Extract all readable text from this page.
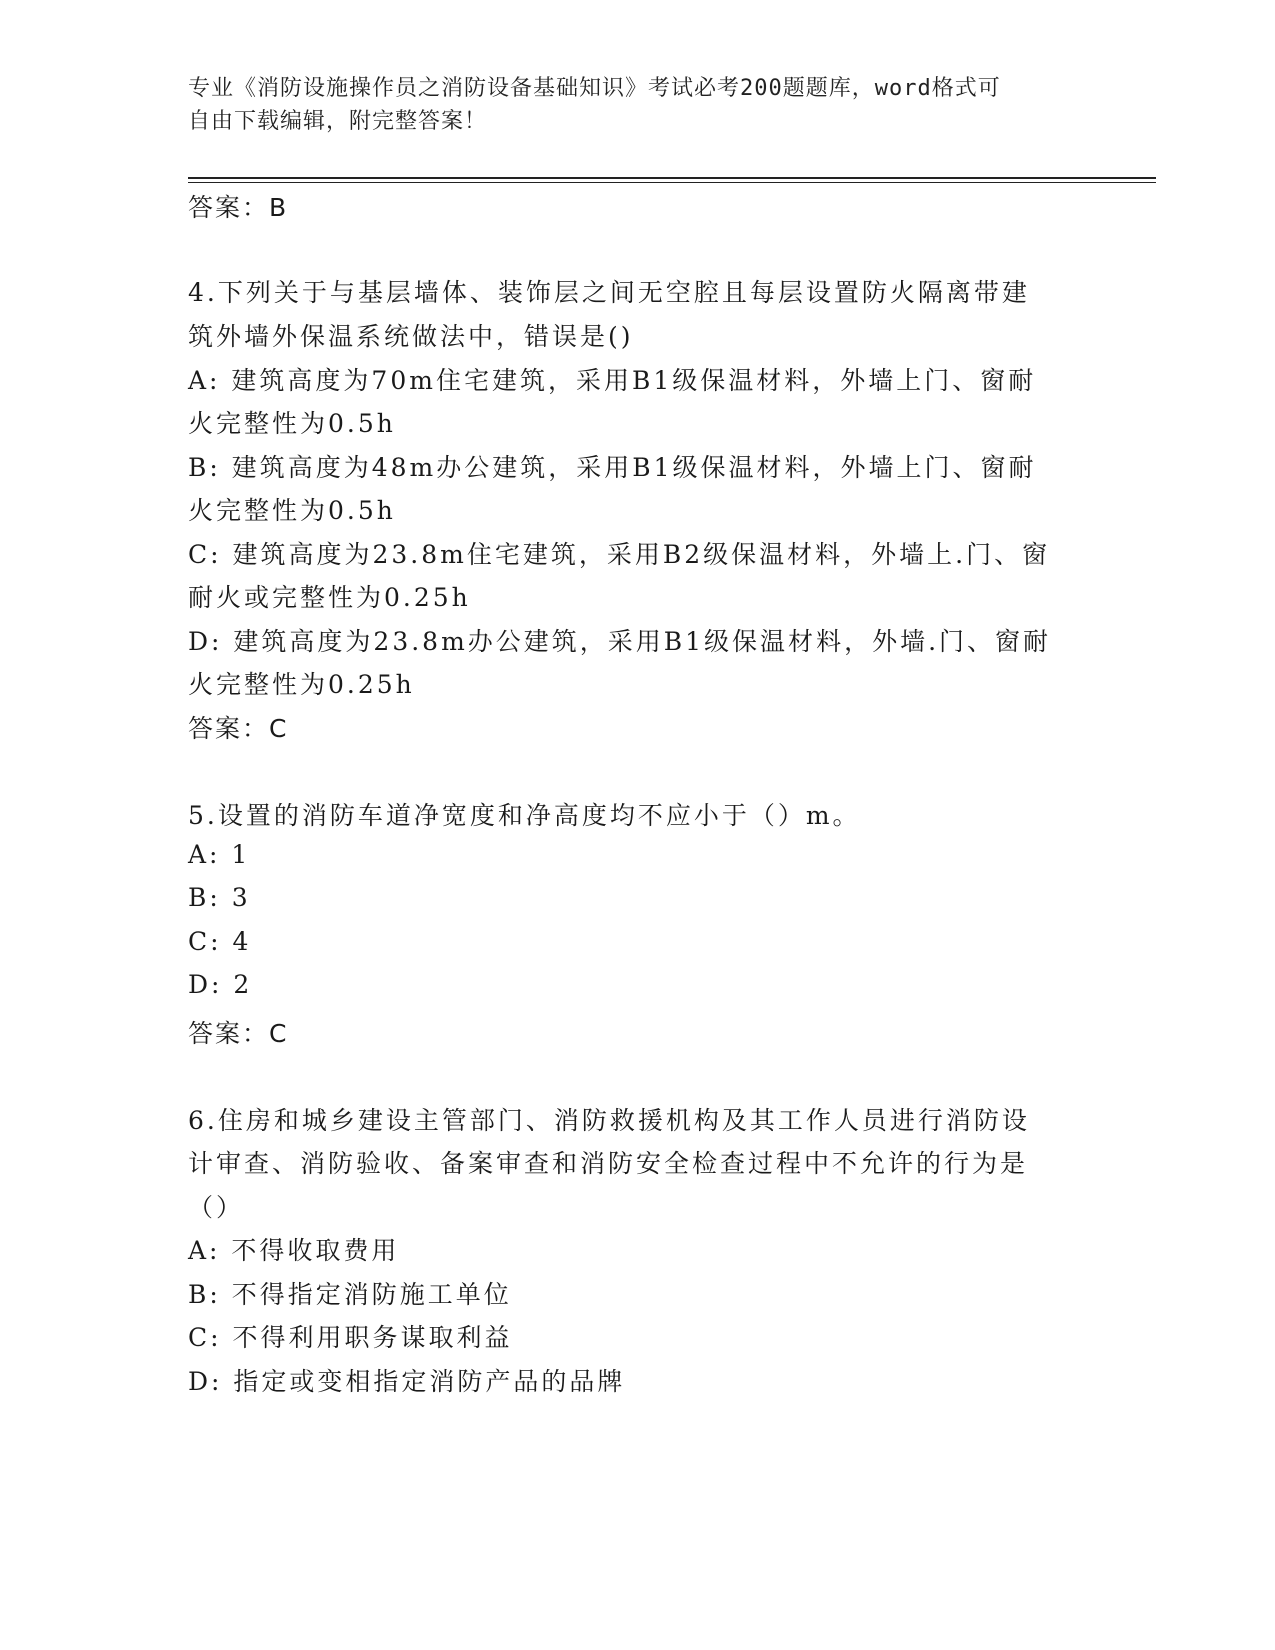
专业《消防设施操作员之消防设备基础知识》考试必考200题题库，word格式可
自由下载编辑，附完整答案！
答案：B
4.下列关于与基层墙体、装饰层之间无空腔且每层设置防火隔离带建
筑外墙外保温系统做法中，错误是()
A: 建筑高度为70m住宅建筑，采用B1级保温材料，外墙上门、窗耐
火完整性为0.5h
B: 建筑高度为48m办公建筑，采用B1级保温材料，外墙上门、窗耐
火完整性为0.5h
C: 建筑高度为23.8m住宅建筑，采用B2级保温材料，外墙上.门、窗
耐火或完整性为0.25h
D: 建筑高度为23.8m办公建筑，采用B1级保温材料，外墙.门、窗耐
火完整性为0.25h
答案：C
5.设置的消防车道净宽度和净高度均不应小于（）m。
A: 1
B: 3
C: 4
D: 2
答案：C
6.住房和城乡建设主管部门、消防救援机构及其工作人员进行消防设
计审查、消防验收、备案审查和消防安全检查过程中不允许的行为是
（）
A: 不得收取费用
B: 不得指定消防施工单位
C: 不得利用职务谋取利益
D: 指定或变相指定消防产品的品牌
